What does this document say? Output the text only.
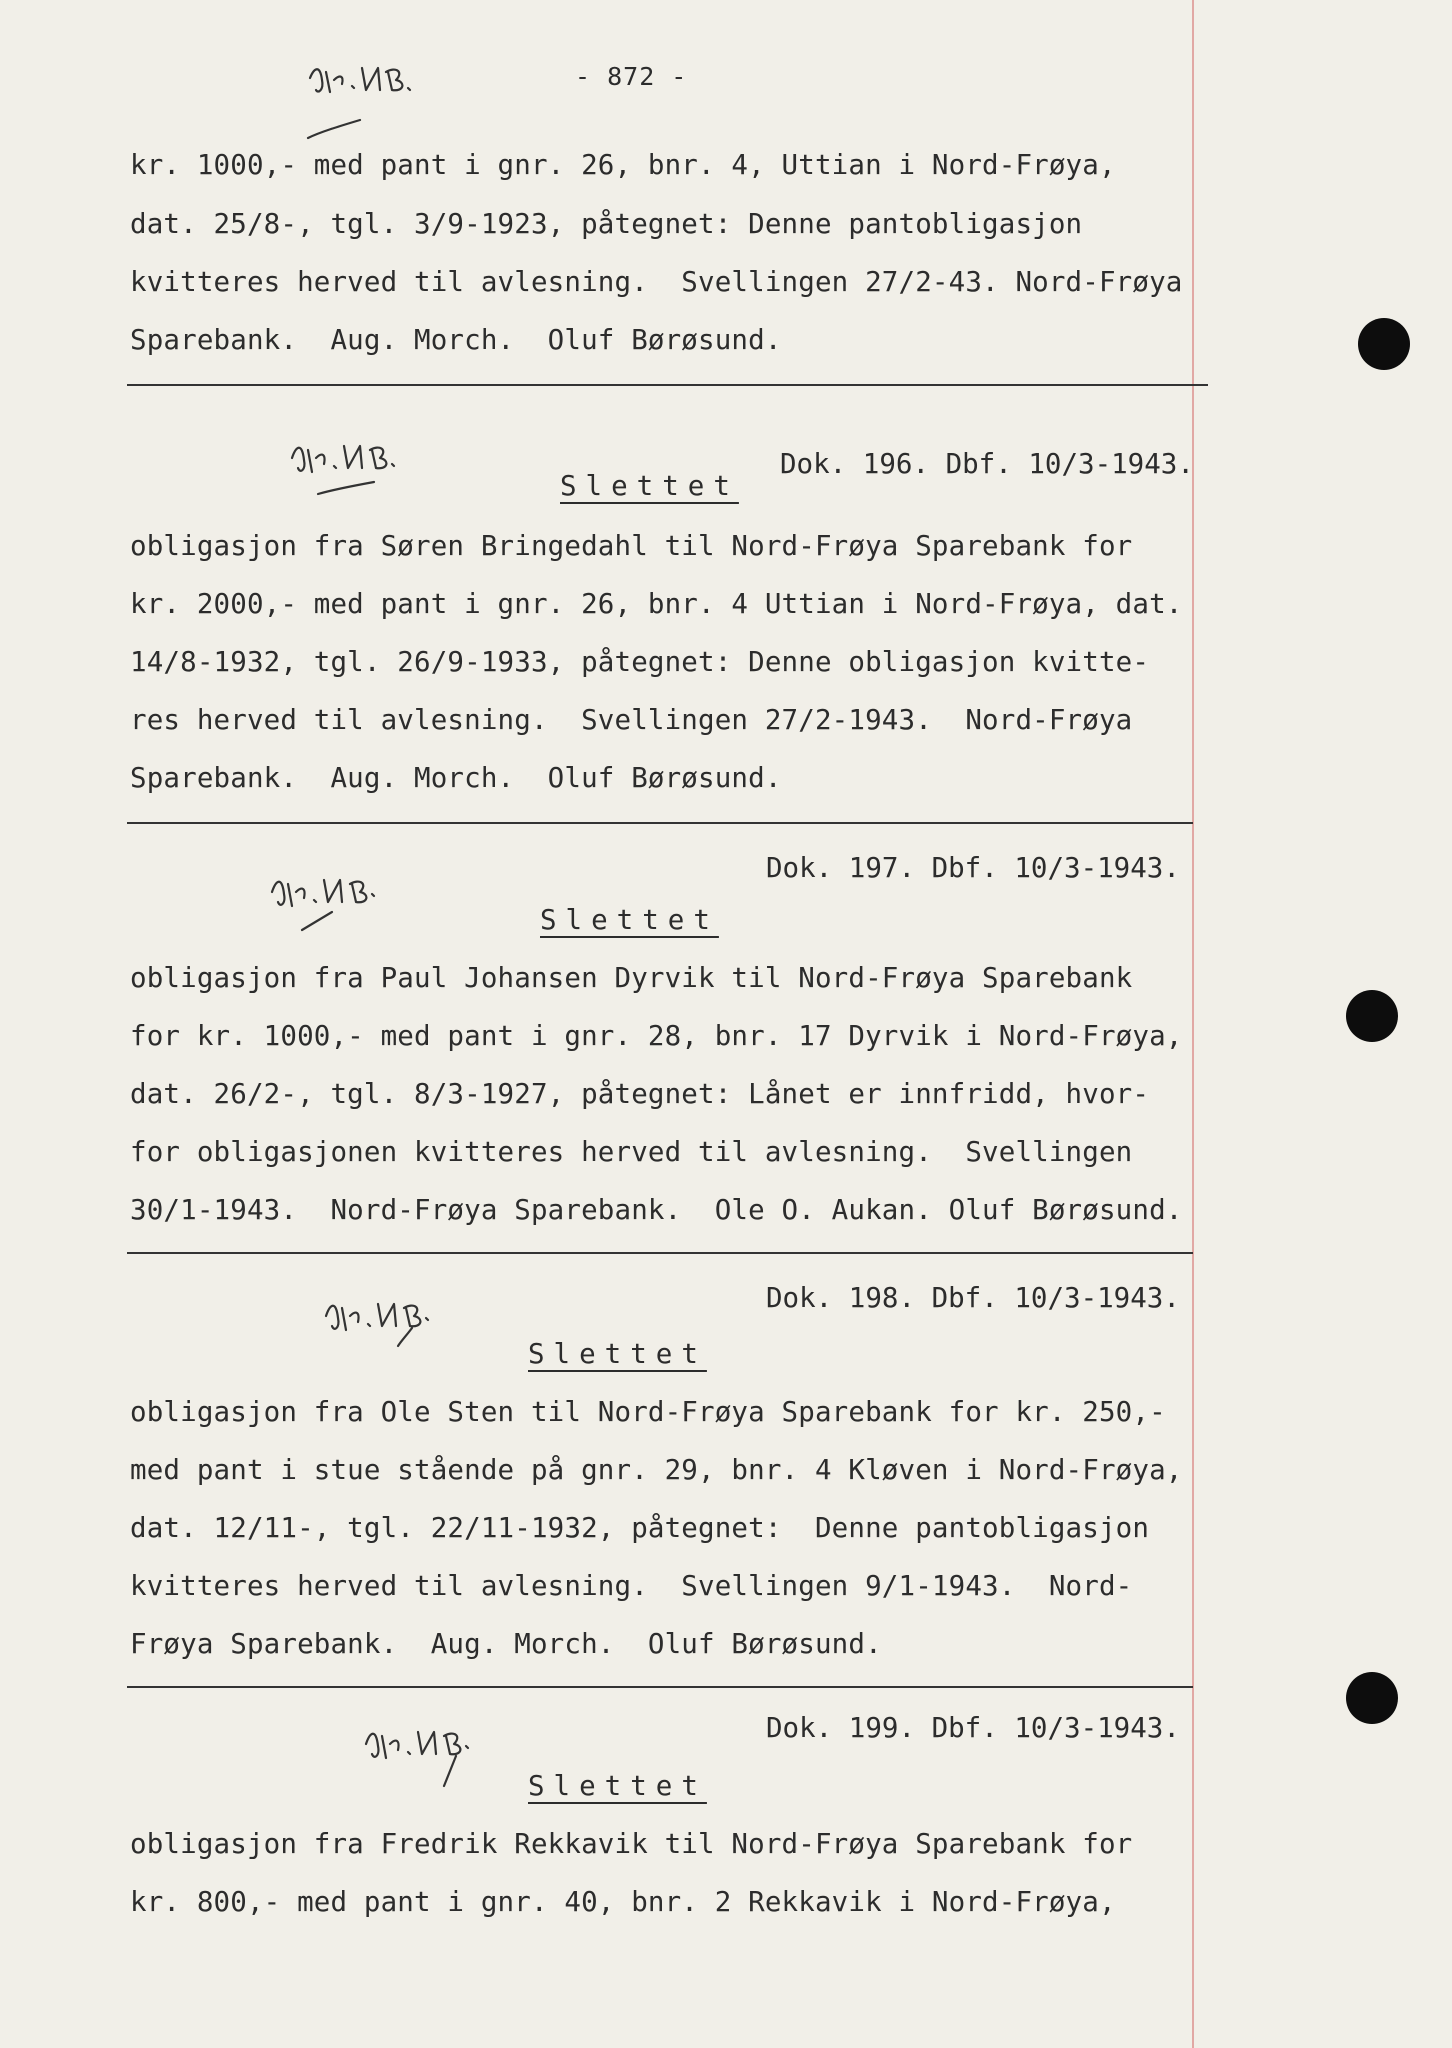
- 872 -
kr. 1000,- med pant i gnr. 26, bnr. 4, Uttian i Nord-Frøya,
dat. 25/8-, tgl. 3/9-1923, påtegnet: Denne pantobligasjon
kvitteres herved til avlesning.  Svellingen 27/2-43. Nord-Frøya
Sparebank.  Aug. Morch.  Oluf Børøsund.
Dok. 196. Dbf. 10/3-1943.
Slettet
obligasjon fra Søren Bringedahl til Nord-Frøya Sparebank for
kr. 2000,- med pant i gnr. 26, bnr. 4 Uttian i Nord-Frøya, dat.
14/8-1932, tgl. 26/9-1933, påtegnet: Denne obligasjon kvitte-
res herved til avlesning.  Svellingen 27/2-1943.  Nord-Frøya
Sparebank.  Aug. Morch.  Oluf Børøsund.
Dok. 197. Dbf. 10/3-1943.
Slettet
obligasjon fra Paul Johansen Dyrvik til Nord-Frøya Sparebank
for kr. 1000,- med pant i gnr. 28, bnr. 17 Dyrvik i Nord-Frøya,
dat. 26/2-, tgl. 8/3-1927, påtegnet: Lånet er innfridd, hvor-
for obligasjonen kvitteres herved til avlesning.  Svellingen
30/1-1943.  Nord-Frøya Sparebank.  Ole O. Aukan. Oluf Børøsund.
Dok. 198. Dbf. 10/3-1943.
Slettet
obligasjon fra Ole Sten til Nord-Frøya Sparebank for kr. 250,-
med pant i stue stående på gnr. 29, bnr. 4 Kløven i Nord-Frøya,
dat. 12/11-, tgl. 22/11-1932, påtegnet:  Denne pantobligasjon
kvitteres herved til avlesning.  Svellingen 9/1-1943.  Nord-
Frøya Sparebank.  Aug. Morch.  Oluf Børøsund.
Dok. 199. Dbf. 10/3-1943.
Slettet
obligasjon fra Fredrik Rekkavik til Nord-Frøya Sparebank for
kr. 800,- med pant i gnr. 40, bnr. 2 Rekkavik i Nord-Frøya,
